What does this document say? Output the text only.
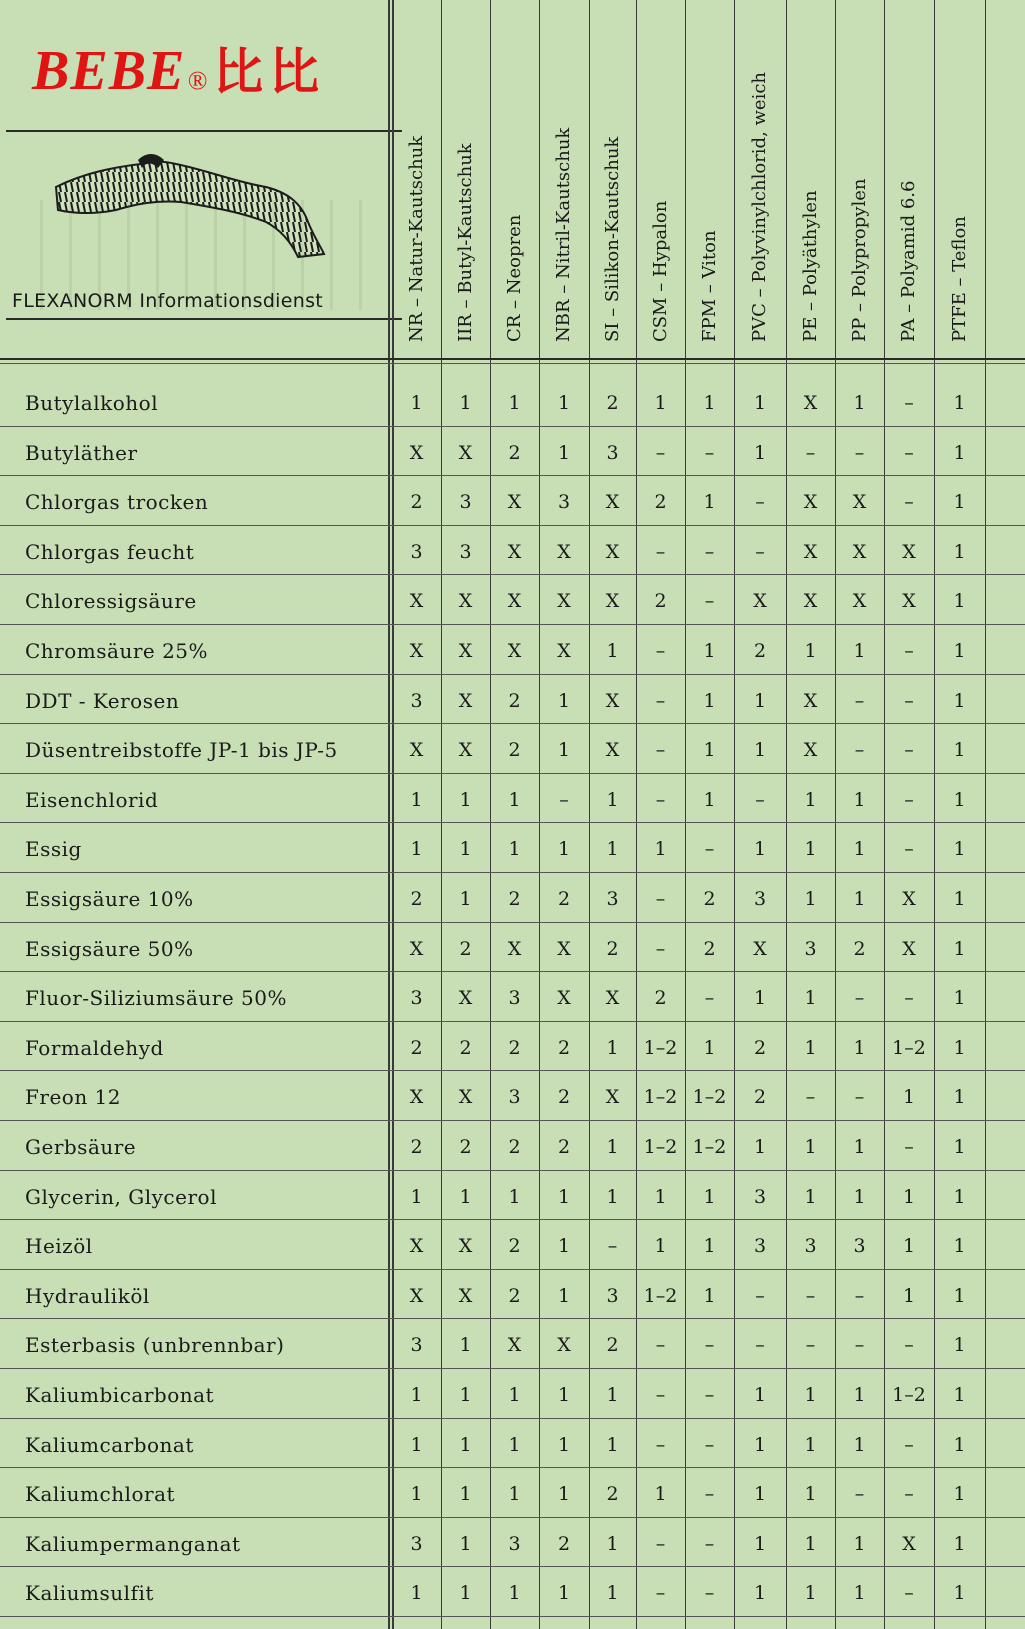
BEBE ® 比比
FLEXANORM Informationsdienst	NR – Natur-Kautschuk IIR – Butyl-Kautschuk CR – Neopren NBR – Nitril-Kautschuk SI – Silikon-Kautschuk CSM – Hypalon FPM – Viton PVC – Polyvinylchlorid, weich PE – Polyäthylen PP – Polypropylen PA – Polyamid 6.6 PTFE – Teflon
Butylalkohol	1	1	1	1	2	1	1	1	X	1	–	1
Butyläther	X	X	2	1	3	–	–	1	–	–	–	1
Chlorgas trocken	2	3	X	3	X	2	1	–	X	X	–	1
Chlorgas feucht	3	3	X	X	X	–	–	–	X	X	X	1
Chloressigsäure	X	X	X	X	X	2	–	X	X	X	X	1
Chromsäure 25%	X	X	X	X	1	–	1	2	1	1	–	1
DDT - Kerosen	3	X	2	1	X	–	1	1	X	–	–	1
Düsentreibstoffe JP-1 bis JP-5	X	X	2	1	X	–	1	1	X	–	–	1
Eisenchlorid	1	1	1	–	1	–	1	–	1	1	–	1
Essig	1	1	1	1	1	1	–	1	1	1	–	1
Essigsäure 10%	2	1	2	2	3	–	2	3	1	1	X	1
Essigsäure 50%	X	2	X	X	2	–	2	X	3	2	X	1
Fluor-Siliziumsäure 50%	3	X	3	X	X	2	–	1	1	–	–	1
Formaldehyd	2	2	2	2	1	1–2	1	2	1	1	1–2	1
Freon 12	X	X	3	2	X	1–2 1–2	2	–	–	1	1
Gerbsäure	2	2	2	2	1	1–2 1–2	1	1	1	–	1
Glycerin, Glycerol	1	1	1	1	1	1	1	3	1	1	1	1
Heizöl	X	X	2	1	–	1	1	3	3	3	1	1
Hydrauliköl	X	X	2	1	3	1–2	1	–	–	–	1	1
Esterbasis (unbrennbar)	3	1	X	X	2	–	–	–	–	–	–	1
Kaliumbicarbonat	1	1	1	1	1	–	–	1	1	1	1–2	1
Kaliumcarbonat	1	1	1	1	1	–	–	1	1	1	–	1
Kaliumchlorat	1	1	1	1	2	1	–	1	1	–	–	1
Kaliumpermanganat	3	1	3	2	1	–	–	1	1	1	X	1
Kaliumsulfit	1	1	1	1	1	–	–	1	1	1	–	1
